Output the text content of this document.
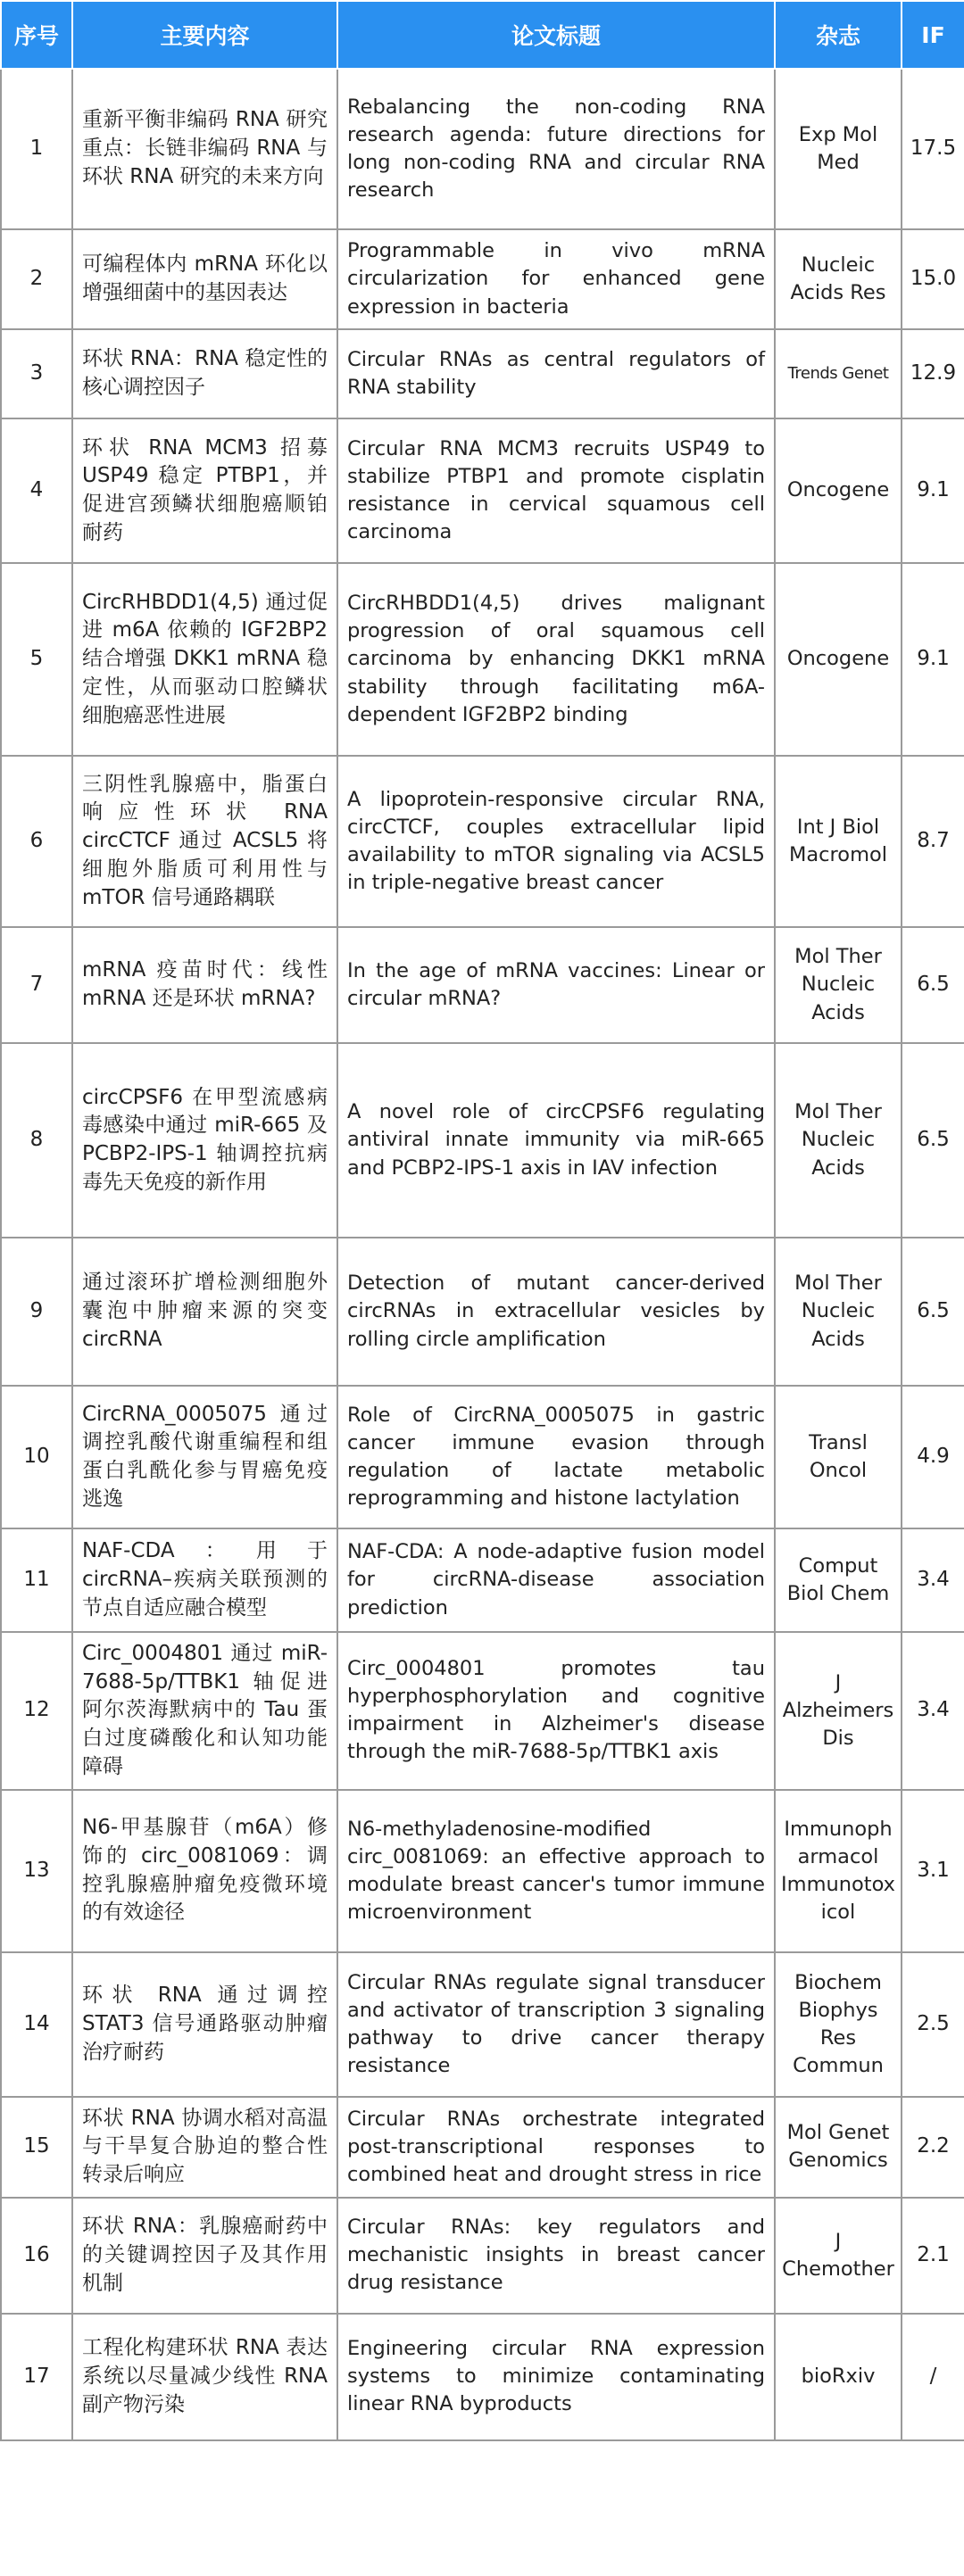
序号	主要内容	论文标题	杂志	IF
1	重新平衡非编码 RNA 研究重点：长链非编码 RNA 与环状 RNA 研究的未来方向	Rebalancing the non-coding RNA research agenda: future directions for long non-coding RNA and circular RNA research	Exp Mol Med	17.5
2	可编程体内 mRNA 环化以增强细菌中的基因表达	Programmable in vivo mRNA circularization for enhanced gene expression in bacteria	Nucleic Acids Res	15.0
3	环状 RNA：RNA 稳定性的核心调控因子	Circular RNAs as central regulators of RNA stability	Trends Genet	12.9
4	环状 RNA MCM3 招募 USP49 稳定 PTBP1，并促进宫颈鳞状细胞癌顺铂耐药	Circular RNA MCM3 recruits USP49 to stabilize PTBP1 and promote cisplatin resistance in cervical squamous cell carcinoma	Oncogene	9.1
5	CircRHBDD1(4,5) 通过促进 m6A 依赖的 IGF2BP2 结合增强 DKK1 mRNA 稳定性，从而驱动口腔鳞状细胞癌恶性进展	CircRHBDD1(4,5) drives malignant progression of oral squamous cell carcinoma by enhancing DKK1 mRNA stability through facilitating m6A-dependent IGF2BP2 binding	Oncogene	9.1
6	三阴性乳腺癌中，脂蛋白响应性环状 RNA circCTCF 通过 ACSL5 将细胞外脂质可利用性与 mTOR 信号通路耦联	A lipoprotein-responsive circular RNA, circCTCF, couples extracellular lipid availability to mTOR signaling via ACSL5 in triple-negative breast cancer	Int J Biol Macromol	8.7
7	mRNA 疫苗时代：线性 mRNA 还是环状 mRNA?	In the age of mRNA vaccines: Linear or circular mRNA?	Mol Ther Nucleic Acids	6.5
8	circCPSF6 在甲型流感病毒感染中通过 miR-665 及 PCBP2-IPS-1 轴调控抗病毒先天免疫的新作用	A novel role of circCPSF6 regulating antiviral innate immunity via miR-665 and PCBP2-IPS-1 axis in IAV infection	Mol Ther Nucleic Acids	6.5
9	通过滚环扩增检测细胞外囊泡中肿瘤来源的突变 circRNA	Detection of mutant cancer-derived circRNAs in extracellular vesicles by rolling circle amplification	Mol Ther Nucleic Acids	6.5
10	CircRNA_0005075 通过调控乳酸代谢重编程和组蛋白乳酰化参与胃癌免疫逃逸	Role of CircRNA_0005075 in gastric cancer immune evasion through regulation of lactate metabolic reprogramming and histone lactylation	Transl Oncol	4.9
11	NAF-CDA：用于 circRNA–疾病关联预测的节点自适应融合模型	NAF-CDA: A node-adaptive fusion model for circRNA-disease association prediction	Comput Biol Chem	3.4
12	Circ_0004801 通过 miR-7688-5p/TTBK1 轴促进阿尔茨海默病中的 Tau 蛋白过度磷酸化和认知功能障碍	Circ_0004801 promotes tau hyperphosphorylation and cognitive impairment in Alzheimer's disease through the miR-7688-5p/TTBK1 axis	J Alzheimers Dis	3.4
13	N6-甲基腺苷（m6A）修饰的 circ_0081069：调控乳腺癌肿瘤免疫微环境的有效途径	N6-methyladenosine-modified circ_0081069: an effective approach to modulate breast cancer's tumor immune microenvironment	Immunopharmacol Immunotoxicol	3.1
14	环状 RNA 通过调控 STAT3 信号通路驱动肿瘤治疗耐药	Circular RNAs regulate signal transducer and activator of transcription 3 signaling pathway to drive cancer therapy resistance	Biochem Biophys Res Commun	2.5
15	环状 RNA 协调水稻对高温与干旱复合胁迫的整合性转录后响应	Circular RNAs orchestrate integrated post-transcriptional responses to combined heat and drought stress in rice	Mol Genet Genomics	2.2
16	环状 RNA：乳腺癌耐药中的关键调控因子及其作用机制	Circular RNAs: key regulators and mechanistic insights in breast cancer drug resistance	J Chemother	2.1
17	工程化构建环状 RNA 表达系统以尽量减少线性 RNA 副产物污染	Engineering circular RNA expression systems to minimize contaminating linear RNA byproducts	bioRxiv	/
